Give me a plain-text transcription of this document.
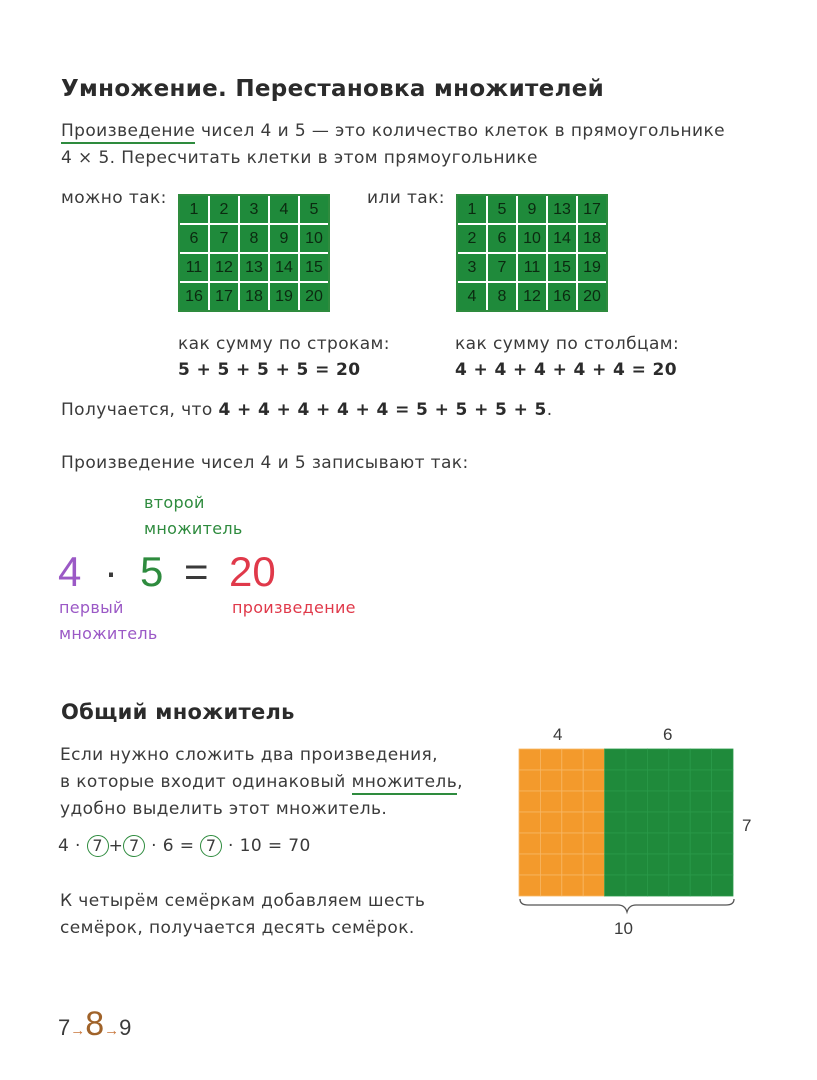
Умножение. Перестановка множителей
Произведение чисел 4 и 5 — это количество клеток в прямоугольнике
4 × 5. Пересчитать клетки в этом прямоугольнике
можно так:
1	2	3	4	5
6	7	8	9	10
11 12 13 14 15
16 17 18 19 20
или так:
1	5	9	13 17
2	6	10 14 18
3	7	11 15 19
4	8	12 16 20
как сумму по строкам:
5 + 5 + 5 + 5 = 20
как сумму по столбцам:
4 + 4 + 4 + 4 + 4 = 20
Получается, что 4 + 4 + 4 + 4 + 4 = 5 + 5 + 5 + 5.
Произведение чисел 4 и 5 записывают так:
второй
множитель
4 · 5 = 20
первый
множитель
произведение
Общий множитель
Если нужно сложить два произведения,
в которые входит одинаковый множитель,
удобно выделить этот множитель.
4 · 7 + 7 · 6 = 7 · 10 = 70
К четырём семёркам добавляем шесть
семёрок, получается десять семёрок.
4	6
7
10
7→8→9
